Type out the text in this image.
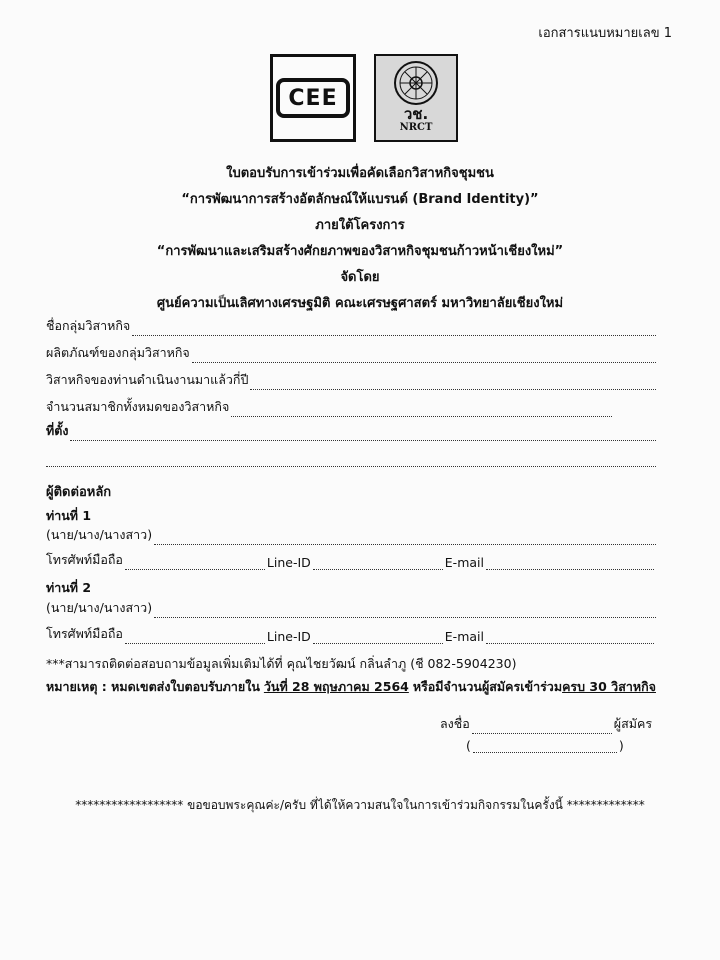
เอกสารแนบหมายเลข 1
CEE
วช.
NRCT
ใบตอบรับการเข้าร่วมเพื่อคัดเลือกวิสาหกิจชุมชน
“การพัฒนาการสร้างอัตลักษณ์ให้แบรนด์ (Brand Identity)”
ภายใต้โครงการ
“การพัฒนาและเสริมสร้างศักยภาพของวิสาหกิจชุมชนก้าวหน้าเชียงใหม่”
จัดโดย
ศูนย์ความเป็นเลิศทางเศรษฐมิติ คณะเศรษฐศาสตร์ มหาวิทยาลัยเชียงใหม่
ชื่อกลุ่มวิสาหกิจ
ผลิตภัณฑ์ของกลุ่มวิสาหกิจ
วิสาหกิจของท่านดำเนินงานมาแล้วกี่ปี
จำนวนสมาชิกทั้งหมดของวิสาหกิจ
ที่ตั้ง
ผู้ติดต่อหลัก
ท่านที่ 1
(นาย/นาง/นางสาว)
โทรศัพท์มือถือ	Line-ID	E-mail
ท่านที่ 2
(นาย/นาง/นางสาว)
โทรศัพท์มือถือ	Line-ID	E-mail
***สามารถติดต่อสอบถามข้อมูลเพิ่มเติมได้ที่ คุณไชยวัฒน์ กลิ่นลำภู (ชี 082-5904230)
หมายเหตุ : หมดเขตส่งใบตอบรับภายใน วันที่ 28 พฤษภาคม 2564 หรือมีจำนวนผู้สมัครเข้าร่วมครบ 30 วิสาหกิจ
ลงชื่อ	ผู้สมัคร
(	)
****************** ขอขอบพระคุณค่ะ/ครับ ที่ได้ให้ความสนใจในการเข้าร่วมกิจกรรมในครั้งนี้ *************
